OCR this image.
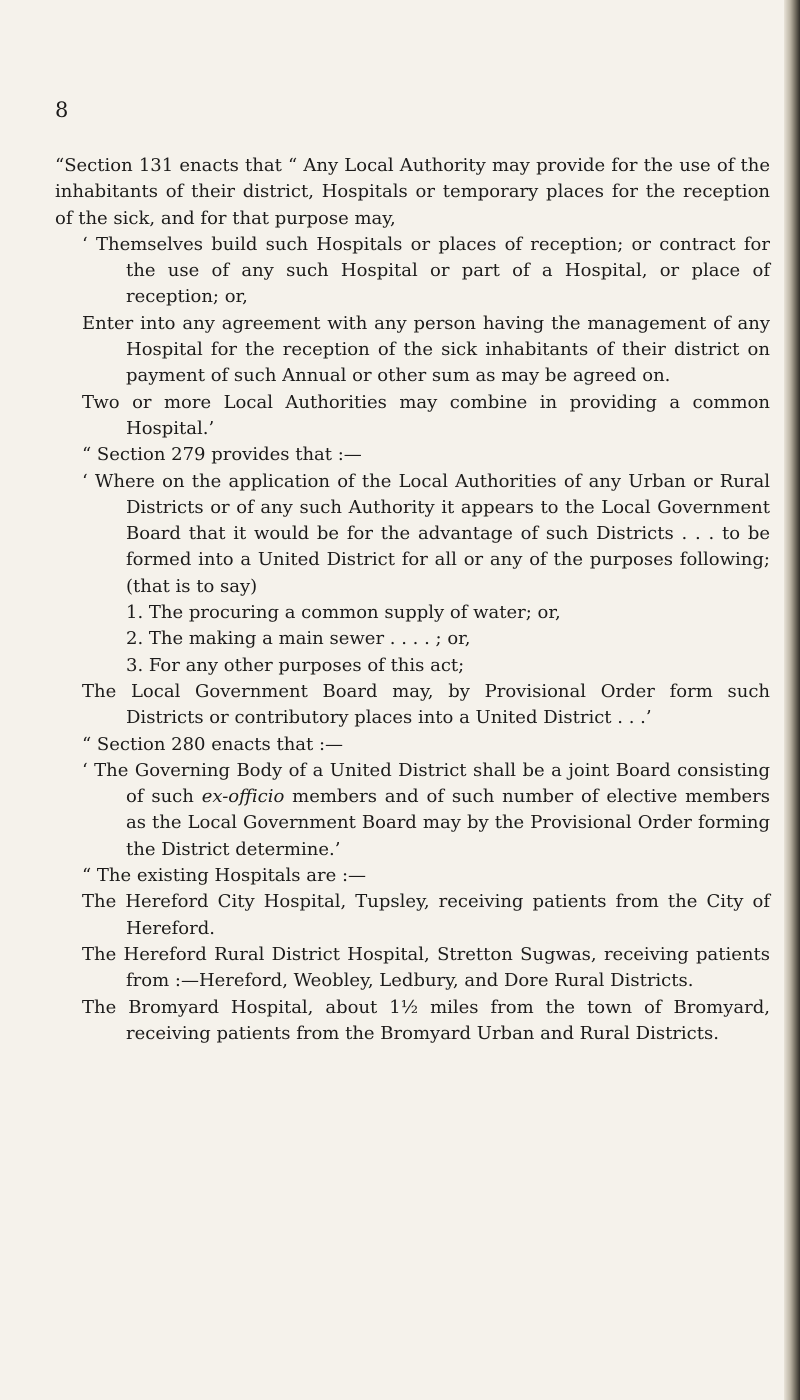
8

“Section 131 enacts that “ Any Local Authority may provide for the use of the inhabitants of their district, Hospitals or temporary places for the reception of the sick, and for that purpose may,

‘ Themselves build such Hospitals or places of reception; or contract for the use of any such Hospital or part of a Hospital, or place of reception; or,

Enter into any agreement with any person having the management of any Hospital for the reception of the sick inhabitants of their district on payment of such Annual or other sum as may be agreed on.

Two or more Local Authorities may combine in providing a common Hospital.’

“ Section 279 provides that :—

‘ Where on the application of the Local Authorities of any Urban or Rural Districts or of any such Authority it appears to the Local Government Board that it would be for the advantage of such Districts . . . to be formed into a United District for all or any of the purposes following; (that is to say)

1. The procuring a common supply of water; or,

2. The making a main sewer . . . . ; or,

3. For any other purposes of this act;

The Local Government Board may, by Provisional Order form such Districts or contributory places into a United District . . .’

“ Section 280 enacts that :—

‘ The Governing Body of a United District shall be a joint Board consisting of such ex-officio members and of such number of elective members as the Local Government Board may by the Provisional Order forming the District determine.’

“ The existing Hospitals are :—

The Hereford City Hospital, Tupsley, receiving patients from the City of Hereford.

The Hereford Rural District Hospital, Stretton Sugwas, receiving patients from :—Hereford, Weobley, Ledbury, and Dore Rural Districts.

The Bromyard Hospital, about 1½ miles from the town of Bromyard, receiving patients from the Bromyard Urban and Rural Districts.
